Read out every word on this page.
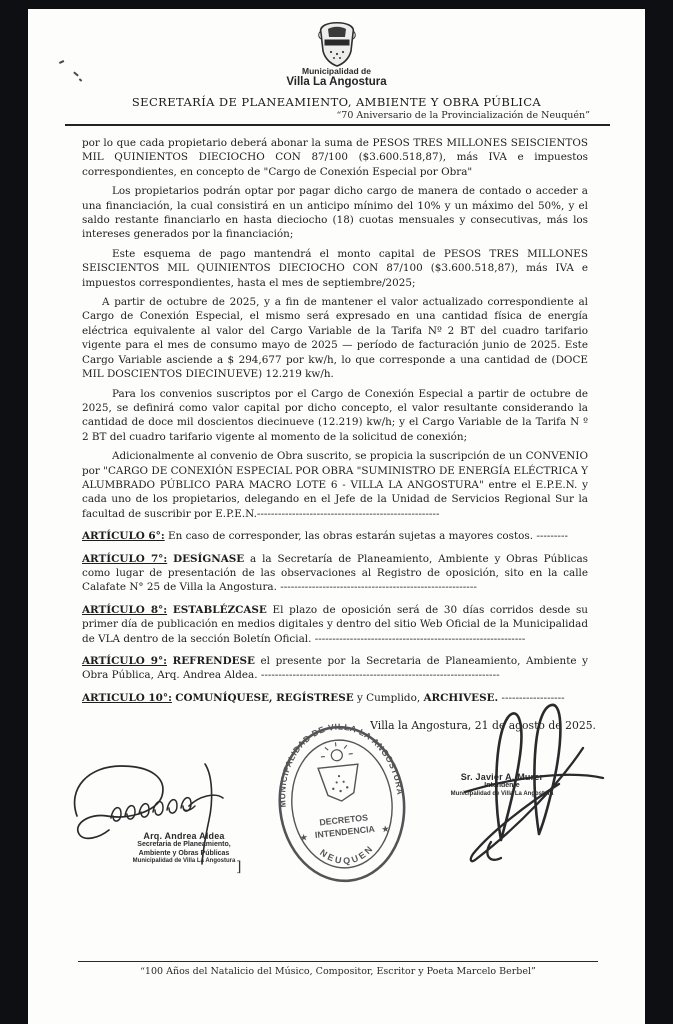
Municipalidad de
Villa La Angostura
SECRETARÍA DE PLANEAMIENTO, AMBIENTE Y OBRA PÚBLICA
“70 Aniversario de la Provincialización de Neuquén”

por lo que cada propietario deberá abonar la suma de PESOS TRES MILLONES SEISCIENTOS MIL QUINIENTOS DIECIOCHO CON 87/100 ($3.600.518,87), más IVA e impuestos correspondientes, en concepto de "Cargo de Conexión Especial por Obra"

Los propietarios podrán optar por pagar dicho cargo de manera de contado o acceder a una financiación, la cual consistirá en un anticipo mínimo del 10% y un máximo del 50%, y el saldo restante financiarlo en hasta dieciocho (18) cuotas mensuales y consecutivas, más los intereses generados por la financiación;

Este esquema de pago mantendrá el monto capital de PESOS TRES MILLONES SEISCIENTOS MIL QUINIENTOS DIECIOCHO CON 87/100 ($3.600.518,87), más IVA e impuestos correspondientes, hasta el mes de septiembre/2025;

A partir de octubre de 2025, y a fin de mantener el valor actualizado correspondiente al Cargo de Conexión Especial, el mismo será expresado en una cantidad física de energía eléctrica equivalente al valor del Cargo Variable de la Tarifa Nº 2 BT del cuadro tarifario vigente para el mes de consumo mayo de 2025 — período de facturación junio de 2025. Este Cargo Variable asciende a $ 294,677 por kw/h, lo que corresponde a una cantidad de (DOCE MIL DOSCIENTOS DIECINUEVE) 12.219 kw/h.

Para los convenios suscriptos por el Cargo de Conexión Especial a partir de octubre de 2025, se definirá como valor capital por dicho concepto, el valor resultante considerando la cantidad de doce mil doscientos diecinueve (12.219) kw/h; y el Cargo Variable de la Tarifa N º 2 BT del cuadro tarifario vigente al momento de la solicitud de conexión;

Adicionalmente al convenio de Obra suscrito, se propicia la suscripción de un CONVENIO por "CARGO DE CONEXIÓN ESPECIAL POR OBRA "SUMINISTRO DE ENERGÍA ELÉCTRICA Y ALUMBRADO PÚBLICO PARA MACRO LOTE 6 - VILLA LA ANGOSTURA" entre el E.P.E.N. y cada uno de los propietarios, delegando en el Jefe de la Unidad de Servicios Regional Sur la facultad de suscribir por E.P.E.N.----------------------------------------------------

ARTÍCULO 6°: En caso de corresponder, las obras estarán sujetas a mayores costos. ---------

ARTÍCULO 7°: DESÍGNASE a la Secretaría de Planeamiento, Ambiente y Obras Públicas como lugar de presentación de las observaciones al Registro de oposición, sito en la calle Calafate N° 25 de Villa la Angostura. --------------------------------------------------------

ARTÍCULO 8°: ESTABLÉZCASE El plazo de oposición será de 30 días corridos desde su primer día de publicación en medios digitales y dentro del sitio Web Oficial de la Municipalidad de VLA dentro de la sección Boletín Oficial. ------------------------------------------------------------

ARTÍCULO 9°: REFRENDESE el presente por la Secretaria de Planeamiento, Ambiente y Obra Pública, Arq. Andrea Aldea. --------------------------------------------------------------------

ARTICULO 10°: COMUNÍQUESE, REGÍSTRESE y Cumplido, ARCHIVESE. ------------------

Villa la Angostura, 21 de agosto de 2025.

Arq. Andrea Aldea
Secretaria de Planeamiento,
Ambiente y Obras Públicas
Municipalidad de Villa La Angostura ]
MUNICIPALIDAD DE VILLA LA ANGOSTURA
NEUQUEN
DECRETOS
INTENDENCIA
★
★
Sr. Javier A. Murer
Intendente
Municipalidad de Villa La Angostura
“100 Años del Natalicio del Músico, Compositor, Escritor y Poeta Marcelo Berbel”
